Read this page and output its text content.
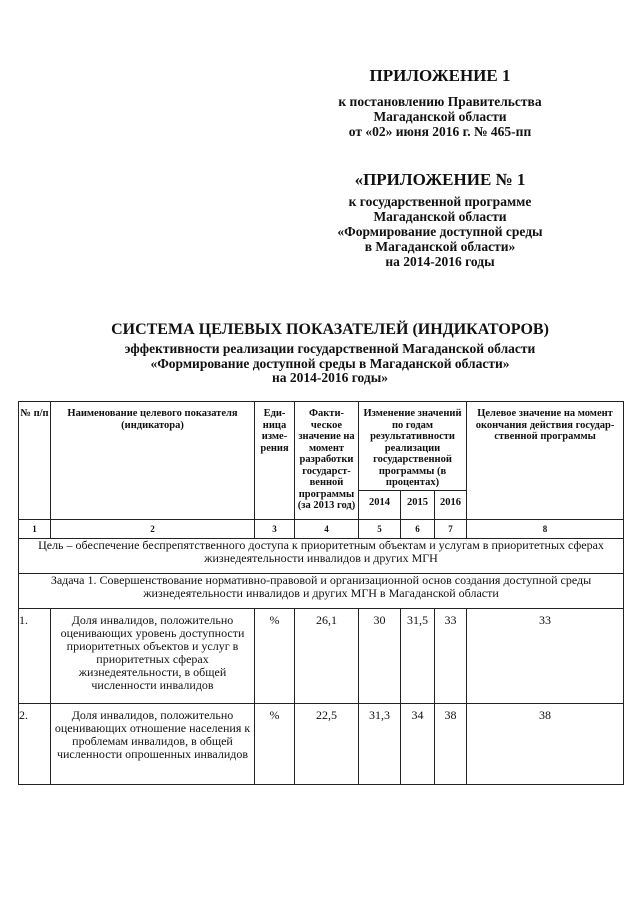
ПРИЛОЖЕНИЕ 1
к постановлению Правительства
Магаданской области
от «02» июня 2016 г. № 465-пп
«ПРИЛОЖЕНИЕ № 1
к государственной программе
Магаданской области
«Формирование доступной среды
в Магаданской области»
на 2014-2016 годы
СИСТЕМА ЦЕЛЕВЫХ ПОКАЗАТЕЛЕЙ (ИНДИКАТОРОВ)
эффективности реализации государственной Магаданской области
«Формирование доступной среды в Магаданской области»
на 2014-2016 годы»
№ п/п	Наименование целевого показателя (индикатора)	Еди-ница изме-рения	Факти-ческое значение на момент разработки государст-венной программы (за 2013 год)	Изменение значений по годам результативности реализации государственной программы (в процентах)			Целевое значение на момент окончания действия государ-ственной программы
				2014	2015	2016	
1	2	3	4	5	6	7	8
Цель – обеспечение беспрепятственного доступа к приоритетным объектам и услугам в приоритетных сферах жизнедеятельности инвалидов и других МГН							
Задача 1. Совершенствование нормативно-правовой и организационной основ создания доступной среды жизнедеятельности инвалидов и других МГН в Магаданской области							
1.	Доля инвалидов, положительно оценивающих уровень доступности приоритетных объектов и услуг в приоритетных сферах жизнедеятельности, в общей численности инвалидов	%	26,1	30	31,5	33	33
2.	Доля инвалидов, положительно оценивающих отношение населения к проблемам инвалидов, в общей численности опрошенных инвалидов	%	22,5	31,3	34	38	38
